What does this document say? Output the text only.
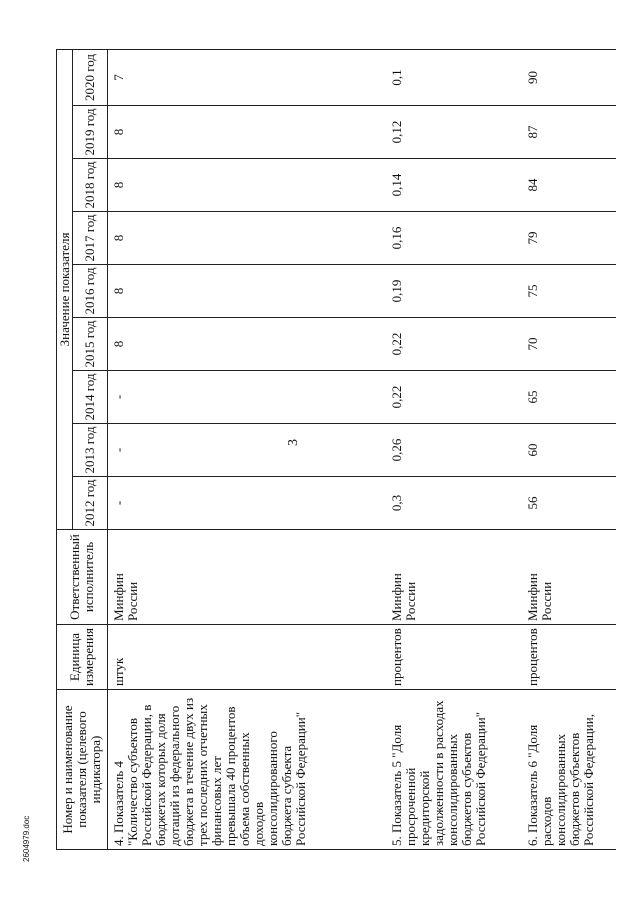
3
Номер и наименование показателя (целевого индикатора)	Единица измерения	Ответственный исполнитель	Значение показателя								
			2012 год	2013 год	2014 год	2015 год	2016 год	2017 год	2018 год	2019 год	2020 год
4. Показатель 4 "Количество субъектов Российской Федерации, в бюджетах которых доля дотаций из федерального бюджета в течение двух из трех последних отчетных финансовых лет превышала 40 процентов объема собственных доходов консолидированного бюджета субъекта Российской Федерации"	штук	Минфин России	-	-	-	8	8	8	8	8	7
5. Показатель 5 "Доля просроченной кредиторской задолженности в расходах консолидированных бюджетов субъектов Российской Федерации"	процентов	Минфин России	0,3	0,26	0,22	0,22	0,19	0,16	0,14	0,12	0,1
6. Показатель 6 "Доля расходов консолидированных бюджетов субъектов Российской Федерации,	процентов	Минфин России	56	60	65	70	75	79	84	87	90
2604979.doc
